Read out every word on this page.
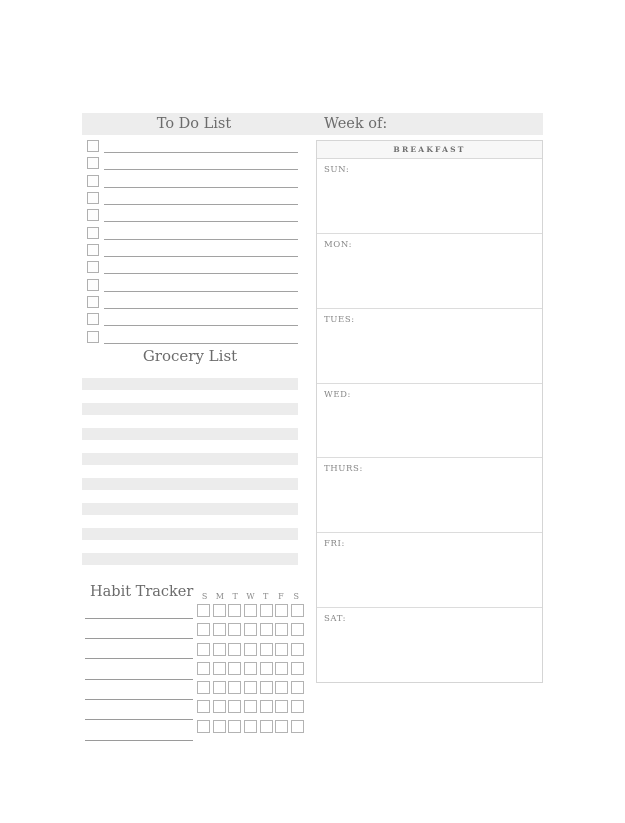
To Do List	Week of:
Grocery List
Habit Tracker	S	M	T	W	T	F	S
BREAKFAST
SUN:
MON:
TUES:
WED:
THURS:
FRI:
SAT:
